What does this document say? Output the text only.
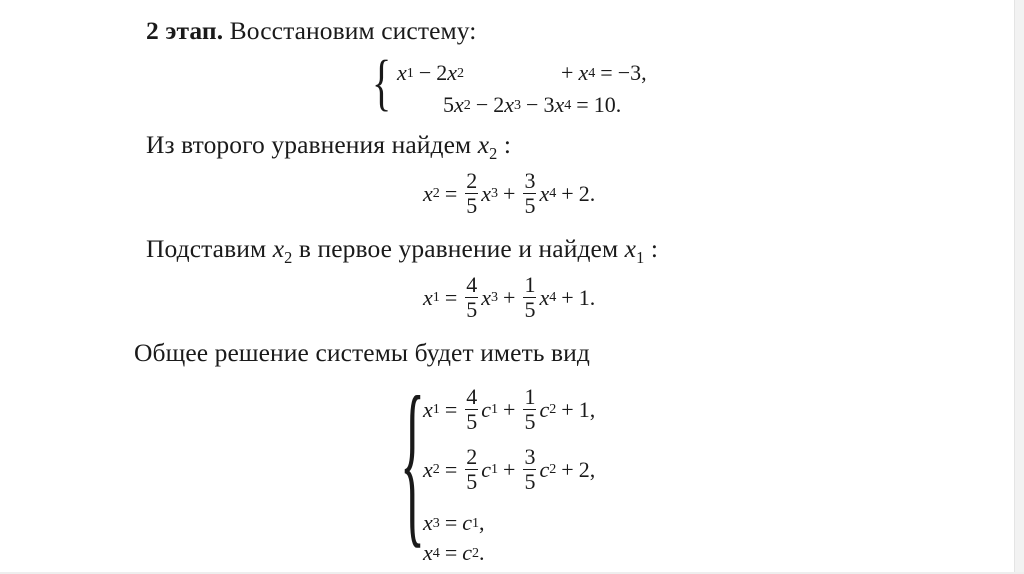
2 этап. Восстановим систему:
{ x 1 − 2 x 2	+ x 4 = −3,
5 x 2 − 2 x 3 − 3 x 4 = 10.
Из второго уравнения найдем $x_2$ :
x $2 = \frac{2}{5}$ x $3 + \frac{3}{5}$ x 4 + 2.
Подставим $x_2$ в первое уравнение и найдем $x_1$ :
x $1 = \frac{4}{5}$ x $3 + \frac{1}{5}$ x 4 + 1.
Общее решение системы будет иметь вид
{
x $1 = \frac{4}{5}$ c $1 + \frac{1}{5}$ c 2 + 1,
x $2 = \frac{2}{5}$ c $1 + \frac{3}{5}$ c 2 + 2,
x 3 = c 1 ,
x 4 = c 2 .
